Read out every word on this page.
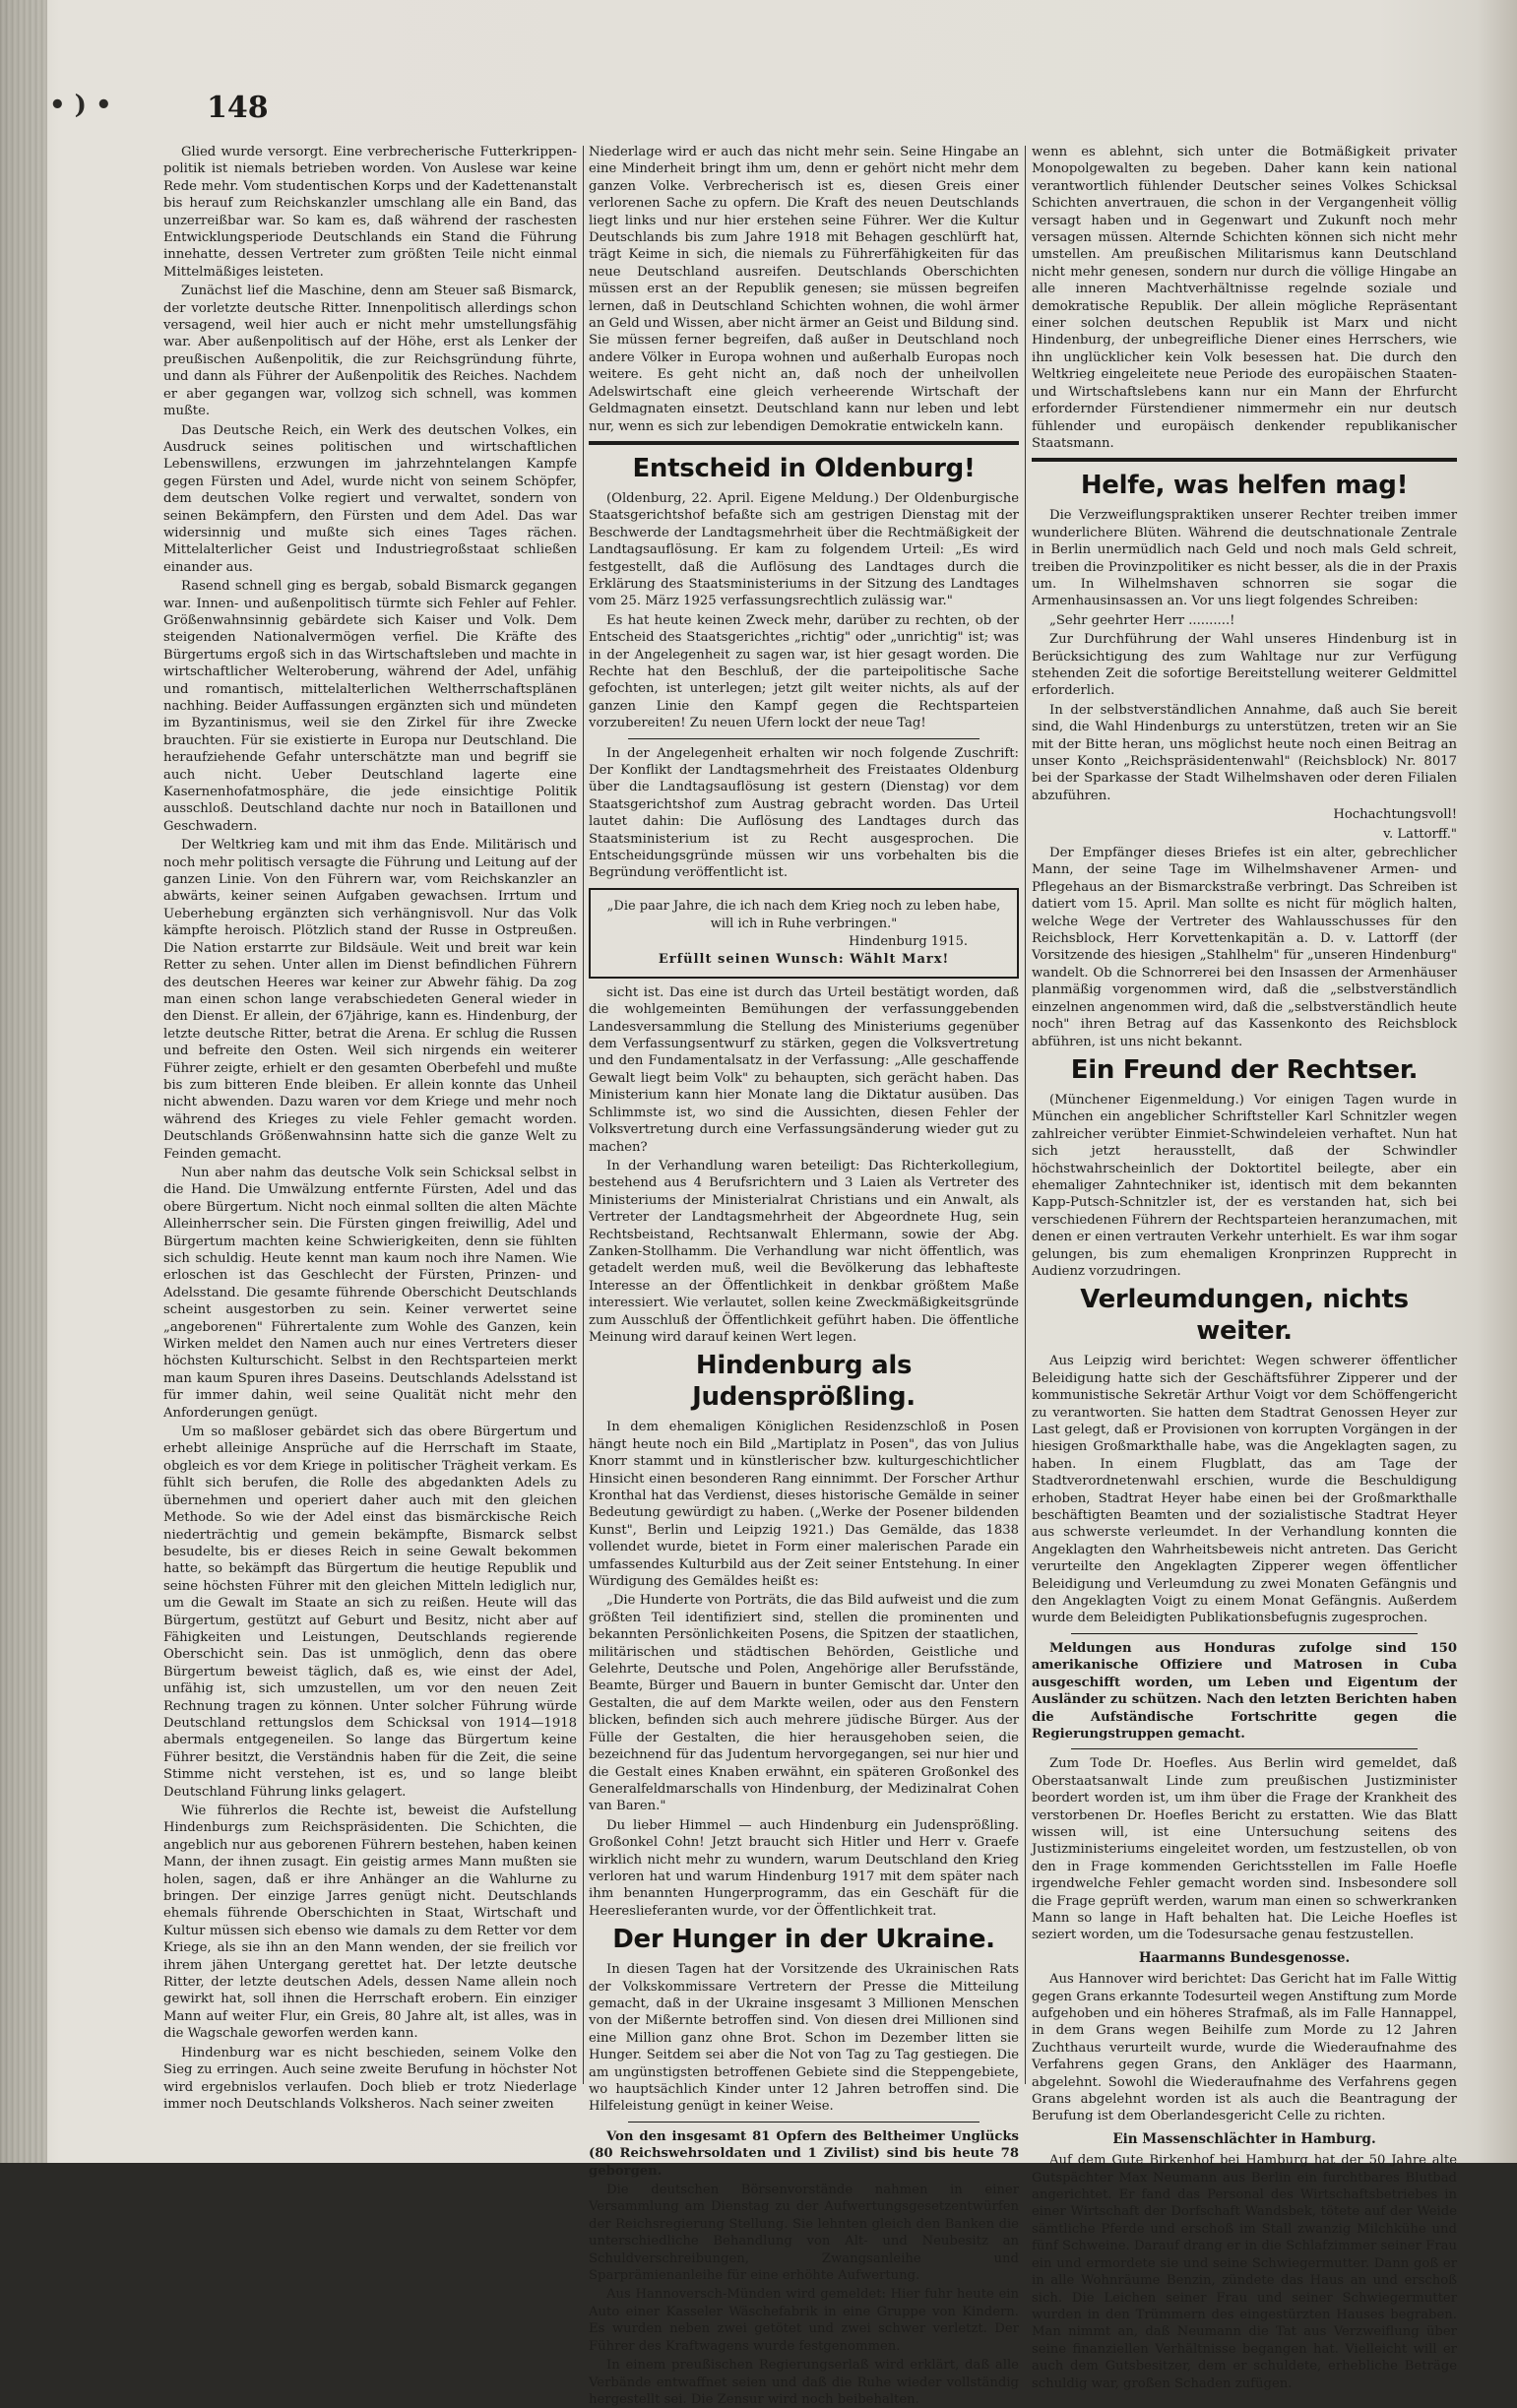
• ) •	148

Glied wurde versorgt. Eine verbrecherische Futterkrippen-politik ist niemals betrieben worden. Von Auslese war keine Rede mehr. Vom studentischen Korps und der Kadettenanstalt bis herauf zum Reichskanzler umschlang alle ein Band, das unzerreißbar war. So kam es, daß während der raschesten Entwicklungsperiode Deutschlands ein Stand die Führung innehatte, dessen Vertreter zum größten Teile nicht einmal Mittelmäßiges leisteten.

Zunächst lief die Maschine, denn am Steuer saß Bismarck, der vorletzte deutsche Ritter. Innenpolitisch allerdings schon versagend, weil hier auch er nicht mehr umstellungsfähig war. Aber außenpolitisch auf der Höhe, erst als Lenker der preußischen Außenpolitik, die zur Reichsgründung führte, und dann als Führer der Außenpolitik des Reiches. Nachdem er aber gegangen war, vollzog sich schnell, was kommen mußte.

Das Deutsche Reich, ein Werk des deutschen Volkes, ein Ausdruck seines politischen und wirtschaftlichen Lebenswillens, erzwungen im jahrzehntelangen Kampfe gegen Fürsten und Adel, wurde nicht von seinem Schöpfer, dem deutschen Volke regiert und verwaltet, sondern von seinen Bekämpfern, den Fürsten und dem Adel. Das war widersinnig und mußte sich eines Tages rächen. Mittelalterlicher Geist und Industriegroßstaat schließen einander aus.

Rasend schnell ging es bergab, sobald Bismarck gegangen war. Innen- und außenpolitisch türmte sich Fehler auf Fehler. Größenwahnsinnig gebärdete sich Kaiser und Volk. Dem steigenden Nationalvermögen verfiel. Die Kräfte des Bürgertums ergoß sich in das Wirtschaftsleben und machte in wirtschaftlicher Welteroberung, während der Adel, unfähig und romantisch, mittelalterlichen Weltherrschaftsplänen nachhing. Beider Auffassungen ergänzten sich und mündeten im Byzantinismus, weil sie den Zirkel für ihre Zwecke brauchten. Für sie existierte in Europa nur Deutschland. Die heraufziehende Gefahr unterschätzte man und begriff sie auch nicht. Ueber Deutschland lagerte eine Kasernenhofatmosphäre, die jede einsichtige Politik ausschloß. Deutschland dachte nur noch in Bataillonen und Geschwadern.

Der Weltkrieg kam und mit ihm das Ende. Militärisch und noch mehr politisch versagte die Führung und Leitung auf der ganzen Linie. Von den Führern war, vom Reichskanzler an abwärts, keiner seinen Aufgaben gewachsen. Irrtum und Ueberhebung ergänzten sich verhängnisvoll. Nur das Volk kämpfte heroisch. Plötzlich stand der Russe in Ostpreußen. Die Nation erstarrte zur Bildsäule. Weit und breit war kein Retter zu sehen. Unter allen im Dienst befindlichen Führern des deutschen Heeres war keiner zur Abwehr fähig. Da zog man einen schon lange verabschiedeten General wieder in den Dienst. Er allein, der 67jährige, kann es. Hindenburg, der letzte deutsche Ritter, betrat die Arena. Er schlug die Russen und befreite den Osten. Weil sich nirgends ein weiterer Führer zeigte, erhielt er den gesamten Oberbefehl und mußte bis zum bitteren Ende bleiben. Er allein konnte das Unheil nicht abwenden. Dazu waren vor dem Kriege und mehr noch während des Krieges zu viele Fehler gemacht worden. Deutschlands Größenwahnsinn hatte sich die ganze Welt zu Feinden gemacht.

Nun aber nahm das deutsche Volk sein Schicksal selbst in die Hand. Die Umwälzung entfernte Fürsten, Adel und das obere Bürgertum. Nicht noch einmal sollten die alten Mächte Alleinherrscher sein. Die Fürsten gingen freiwillig, Adel und Bürgertum machten keine Schwierigkeiten, denn sie fühlten sich schuldig. Heute kennt man kaum noch ihre Namen. Wie erloschen ist das Geschlecht der Fürsten, Prinzen- und Adelsstand. Die gesamte führende Oberschicht Deutschlands scheint ausgestorben zu sein. Keiner verwertet seine „angeborenen" Führertalente zum Wohle des Ganzen, kein Wirken meldet den Namen auch nur eines Vertreters dieser höchsten Kulturschicht. Selbst in den Rechtsparteien merkt man kaum Spuren ihres Daseins. Deutschlands Adelsstand ist für immer dahin, weil seine Qualität nicht mehr den Anforderungen genügt.

Um so maßloser gebärdet sich das obere Bürgertum und erhebt alleinige Ansprüche auf die Herrschaft im Staate, obgleich es vor dem Kriege in politischer Trägheit verkam. Es fühlt sich berufen, die Rolle des abgedankten Adels zu übernehmen und operiert daher auch mit den gleichen Methode. So wie der Adel einst das bismärckische Reich niederträchtig und gemein bekämpfte, Bismarck selbst besudelte, bis er dieses Reich in seine Gewalt bekommen hatte, so bekämpft das Bürgertum die heutige Republik und seine höchsten Führer mit den gleichen Mitteln lediglich nur, um die Gewalt im Staate an sich zu reißen. Heute will das Bürgertum, gestützt auf Geburt und Besitz, nicht aber auf Fähigkeiten und Leistungen, Deutschlands regierende Oberschicht sein. Das ist unmöglich, denn das obere Bürgertum beweist täglich, daß es, wie einst der Adel, unfähig ist, sich umzustellen, um vor den neuen Zeit Rechnung tragen zu können. Unter solcher Führung würde Deutschland rettungslos dem Schicksal von 1914—1918 abermals entgegeneilen. So lange das Bürgertum keine Führer besitzt, die Verständnis haben für die Zeit, die seine Stimme nicht verstehen, ist es, und so lange bleibt Deutschland Führung links gelagert.

Wie führerlos die Rechte ist, beweist die Aufstellung Hindenburgs zum Reichspräsidenten. Die Schichten, die angeblich nur aus geborenen Führern bestehen, haben keinen Mann, der ihnen zusagt. Ein geistig armes Mann mußten sie holen, sagen, daß er ihre Anhänger an die Wahlurne zu bringen. Der einzige Jarres genügt nicht. Deutschlands ehemals führende Oberschichten in Staat, Wirtschaft und Kultur müssen sich ebenso wie damals zu dem Retter vor dem Kriege, als sie ihn an den Mann wenden, der sie freilich vor ihrem jähen Untergang gerettet hat. Der letzte deutsche Ritter, der letzte deutschen Adels, dessen Name allein noch gewirkt hat, soll ihnen die Herrschaft erobern. Ein einziger Mann auf weiter Flur, ein Greis, 80 Jahre alt, ist alles, was in die Wagschale geworfen werden kann.

Hindenburg war es nicht beschieden, seinem Volke den Sieg zu erringen. Auch seine zweite Berufung in höchster Not wird ergebnislos verlaufen. Doch blieb er trotz Niederlage immer noch Deutschlands Volksheros. Nach seiner zweiten

Niederlage wird er auch das nicht mehr sein. Seine Hingabe an eine Minderheit bringt ihm um, denn er gehört nicht mehr dem ganzen Volke. Verbrecherisch ist es, diesen Greis einer verlorenen Sache zu opfern. Die Kraft des neuen Deutschlands liegt links und nur hier erstehen seine Führer. Wer die Kultur Deutschlands bis zum Jahre 1918 mit Behagen geschlürft hat, trägt Keime in sich, die niemals zu Führerfähigkeiten für das neue Deutschland ausreifen. Deutschlands Oberschichten müssen erst an der Republik genesen; sie müssen begreifen lernen, daß in Deutschland Schichten wohnen, die wohl ärmer an Geld und Wissen, aber nicht ärmer an Geist und Bildung sind. Sie müssen ferner begreifen, daß außer in Deutschland noch andere Völker in Europa wohnen und außerhalb Europas noch weitere. Es geht nicht an, daß noch der unheilvollen Adelswirtschaft eine gleich verheerende Wirtschaft der Geldmagnaten einsetzt. Deutschland kann nur leben und lebt nur, wenn es sich zur lebendigen Demokratie entwickeln kann.

Entscheid in Oldenburg!

(Oldenburg, 22. April. Eigene Meldung.) Der Oldenburgische Staatsgerichtshof befaßte sich am gestrigen Dienstag mit der Beschwerde der Landtagsmehrheit über die Rechtmäßigkeit der Landtagsauflösung. Er kam zu folgendem Urteil: „Es wird festgestellt, daß die Auflösung des Landtages durch die Erklärung des Staatsministeriums in der Sitzung des Landtages vom 25. März 1925 verfassungsrechtlich zulässig war."

Es hat heute keinen Zweck mehr, darüber zu rechten, ob der Entscheid des Staatsgerichtes „richtig" oder „unrichtig" ist; was in der Angelegenheit zu sagen war, ist hier gesagt worden. Die Rechte hat den Beschluß, der die parteipolitische Sache gefochten, ist unterlegen; jetzt gilt weiter nichts, als auf der ganzen Linie den Kampf gegen die Rechtsparteien vorzubereiten! Zu neuen Ufern lockt der neue Tag!

In der Angelegenheit erhalten wir noch folgende Zuschrift: Der Konflikt der Landtagsmehrheit des Freistaates Oldenburg über die Landtagsauflösung ist gestern (Dienstag) vor dem Staatsgerichtshof zum Austrag gebracht worden. Das Urteil lautet dahin: Die Auflösung des Landtages durch das Staatsministerium ist zu Recht ausgesprochen. Die Entscheidungsgründe müssen wir uns vorbehalten bis die Begründung veröffentlicht ist.

„Die paar Jahre, die ich nach dem Krieg noch zu leben habe, will ich in Ruhe verbringen."
Hindenburg 1915.
Erfüllt seinen Wunsch: Wählt Marx!

sicht ist. Das eine ist durch das Urteil bestätigt worden, daß die wohlgemeinten Bemühungen der verfassunggebenden Landesversammlung die Stellung des Ministeriums gegenüber dem Verfassungsentwurf zu stärken, gegen die Volksvertretung und den Fundamentalsatz in der Verfassung: „Alle geschaffende Gewalt liegt beim Volk" zu behaupten, sich gerächt haben. Das Ministerium kann hier Monate lang die Diktatur ausüben. Das Schlimmste ist, wo sind die Aussichten, diesen Fehler der Volksvertretung durch eine Verfassungsänderung wieder gut zu machen?

In der Verhandlung waren beteiligt: Das Richterkollegium, bestehend aus 4 Berufsrichtern und 3 Laien als Vertreter des Ministeriums der Ministerialrat Christians und ein Anwalt, als Vertreter der Landtagsmehrheit der Abgeordnete Hug, sein Rechtsbeistand, Rechtsanwalt Ehlermann, sowie der Abg. Zanken-Stollhamm. Die Verhandlung war nicht öffentlich, was getadelt werden muß, weil die Bevölkerung das lebhafteste Interesse an der Öffentlichkeit in denkbar größtem Maße interessiert. Wie verlautet, sollen keine Zweckmäßigkeitsgründe zum Ausschluß der Öffentlichkeit geführt haben. Die öffentliche Meinung wird darauf keinen Wert legen.

Hindenburg als Judensprößling.

In dem ehemaligen Königlichen Residenzschloß in Posen hängt heute noch ein Bild „Martiplatz in Posen", das von Julius Knorr stammt und in künstlerischer bzw. kulturgeschichtlicher Hinsicht einen besonderen Rang einnimmt. Der Forscher Arthur Kronthal hat das Verdienst, dieses historische Gemälde in seiner Bedeutung gewürdigt zu haben. („Werke der Posener bildenden Kunst", Berlin und Leipzig 1921.) Das Gemälde, das 1838 vollendet wurde, bietet in Form einer malerischen Parade ein umfassendes Kulturbild aus der Zeit seiner Entstehung. In einer Würdigung des Gemäldes heißt es:

„Die Hunderte von Porträts, die das Bild aufweist und die zum größten Teil identifiziert sind, stellen die prominenten und bekannten Persönlichkeiten Posens, die Spitzen der staatlichen, militärischen und städtischen Behörden, Geistliche und Gelehrte, Deutsche und Polen, Angehörige aller Berufsstände, Beamte, Bürger und Bauern in bunter Gemischt dar. Unter den Gestalten, die auf dem Markte weilen, oder aus den Fenstern blicken, befinden sich auch mehrere jüdische Bürger. Aus der Fülle der Gestalten, die hier herausgehoben seien, die bezeichnend für das Judentum hervorgegangen, sei nur hier und die Gestalt eines Knaben erwähnt, ein späteren Großonkel des Generalfeldmarschalls von Hindenburg, der Medizinalrat Cohen van Baren."

Du lieber Himmel — auch Hindenburg ein Judensprößling. Großonkel Cohn! Jetzt braucht sich Hitler und Herr v. Graefe wirklich nicht mehr zu wundern, warum Deutschland den Krieg verloren hat und warum Hindenburg 1917 mit dem später nach ihm benannten Hungerprogramm, das ein Geschäft für die Heereslieferanten wurde, vor der Öffentlichkeit trat.

Der Hunger in der Ukraine.

In diesen Tagen hat der Vorsitzende des Ukrainischen Rats der Volkskommissare Vertretern der Presse die Mitteilung gemacht, daß in der Ukraine insgesamt 3 Millionen Menschen von der Mißernte betroffen sind. Von diesen drei Millionen sind eine Million ganz ohne Brot. Schon im Dezember litten sie Hunger. Seitdem sei aber die Not von Tag zu Tag gestiegen. Die am ungünstigsten betroffenen Gebiete sind die Steppengebiete, wo hauptsächlich Kinder unter 12 Jahren betroffen sind. Die Hilfeleistung genügt in keiner Weise.

Von den insgesamt 81 Opfern des Beltheimer Unglücks (80 Reichswehrsoldaten und 1 Zivilist) sind bis heute 78 geborgen.

Die deutschen Börsenvorstände nahmen in einer Versammlung am Dienstag zu der Aufwertungsgesetzentwürfen der Reichsregierung Stellung. Sie lehnten gleich den Banken die unterschiedliche Behandlung von Alt- und Neubesitz an Schuldverschreibungen, Zwangsanleihe und Sparprämienanleihe für eine erhöhte Aufwertung.

Aus Hannoversch-Münden wird gemeldet: Hier fuhr heute ein Auto einer Kasseler Wäschefabrik in eine Gruppe von Kindern. Es wurden neben zwei getötet und zwei schwer verletzt. Der Führer des Kraftwagens wurde festgenommen.

In einem preußischen Regierungserlaß wird erklärt, daß alle Verbände entwaffnet seien und daß die Ruhe wieder vollständig hergestellt sei. Die Zensur wird noch beibehalten.

wenn es ablehnt, sich unter die Botmäßigkeit privater Monopolgewalten zu begeben. Daher kann kein national verantwortlich fühlender Deutscher seines Volkes Schicksal Schichten anvertrauen, die schon in der Vergangenheit völlig versagt haben und in Gegenwart und Zukunft noch mehr versagen müssen. Alternde Schichten können sich nicht mehr umstellen. Am preußischen Militarismus kann Deutschland nicht mehr genesen, sondern nur durch die völlige Hingabe an alle inneren Machtverhältnisse regelnde soziale und demokratische Republik. Der allein mögliche Repräsentant einer solchen deutschen Republik ist Marx und nicht Hindenburg, der unbegreifliche Diener eines Herrschers, wie ihn unglücklicher kein Volk besessen hat. Die durch den Weltkrieg eingeleitete neue Periode des europäischen Staaten- und Wirtschaftslebens kann nur ein Mann der Ehrfurcht erfordernder Fürstendiener nimmermehr ein nur deutsch fühlender und europäisch denkender republikanischer Staatsmann.

Helfe, was helfen mag!

Die Verzweiflungspraktiken unserer Rechter treiben immer wunderlichere Blüten. Während die deutschnationale Zentrale in Berlin unermüdlich nach Geld und noch mals Geld schreit, treiben die Provinzpolitiker es nicht besser, als die in der Praxis um. In Wilhelmshaven schnorren sie sogar die Armenhausinsassen an. Vor uns liegt folgendes Schreiben:

„Sehr geehrter Herr ..........!

Zur Durchführung der Wahl unseres Hindenburg ist in Berücksichtigung des zum Wahltage nur zur Verfügung stehenden Zeit die sofortige Bereitstellung weiterer Geldmittel erforderlich.

In der selbstverständlichen Annahme, daß auch Sie bereit sind, die Wahl Hindenburgs zu unterstützen, treten wir an Sie mit der Bitte heran, uns möglichst heute noch einen Beitrag an unser Konto „Reichspräsidentenwahl" (Reichsblock) Nr. 8017 bei der Sparkasse der Stadt Wilhelmshaven oder deren Filialen abzuführen.

Hochachtungsvoll!

v. Lattorff."

Der Empfänger dieses Briefes ist ein alter, gebrechlicher Mann, der seine Tage im Wilhelmshavener Armen- und Pflegehaus an der Bismarckstraße verbringt. Das Schreiben ist datiert vom 15. April. Man sollte es nicht für möglich halten, welche Wege der Vertreter des Wahlausschusses für den Reichsblock, Herr Korvettenkapitän a. D. v. Lattorff (der Vorsitzende des hiesigen „Stahlhelm" für „unseren Hindenburg" wandelt. Ob die Schnorrerei bei den Insassen der Armenhäuser planmäßig vorgenommen wird, daß die „selbstverständlich einzelnen angenommen wird, daß die „selbstverständlich heute noch" ihren Betrag auf das Kassenkonto des Reichsblock abführen, ist uns nicht bekannt.

Ein Freund der Rechtser.

(Münchener Eigenmeldung.) Vor einigen Tagen wurde in München ein angeblicher Schriftsteller Karl Schnitzler wegen zahlreicher verübter Einmiet-Schwindeleien verhaftet. Nun hat sich jetzt herausstellt, daß der Schwindler höchstwahrscheinlich der Doktortitel beilegte, aber ein ehemaliger Zahntechniker ist, identisch mit dem bekannten Kapp-Putsch-Schnitzler ist, der es verstanden hat, sich bei verschiedenen Führern der Rechtsparteien heranzumachen, mit denen er einen vertrauten Verkehr unterhielt. Es war ihm sogar gelungen, bis zum ehemaligen Kronprinzen Rupprecht in Audienz vorzudringen.

Verleumdungen, nichts weiter.

Aus Leipzig wird berichtet: Wegen schwerer öffentlicher Beleidigung hatte sich der Geschäftsführer Zipperer und der kommunistische Sekretär Arthur Voigt vor dem Schöffengericht zu verantworten. Sie hatten dem Stadtrat Genossen Heyer zur Last gelegt, daß er Provisionen von korrupten Vorgängen in der hiesigen Großmarkthalle habe, was die Angeklagten sagen, zu haben. In einem Flugblatt, das am Tage der Stadtverordnetenwahl erschien, wurde die Beschuldigung erhoben, Stadtrat Heyer habe einen bei der Großmarkthalle beschäftigten Beamten und der sozialistische Stadtrat Heyer aus schwerste verleumdet. In der Verhandlung konnten die Angeklagten den Wahrheitsbeweis nicht antreten. Das Gericht verurteilte den Angeklagten Zipperer wegen öffentlicher Beleidigung und Verleumdung zu zwei Monaten Gefängnis und den Angeklagten Voigt zu einem Monat Gefängnis. Außerdem wurde dem Beleidigten Publikationsbefugnis zugesprochen.

Meldungen aus Honduras zufolge sind 150 amerikanische Offiziere und Matrosen in Cuba ausgeschifft worden, um Leben und Eigentum der Ausländer zu schützen. Nach den letzten Berichten haben die Aufständische Fortschritte gegen die Regierungstruppen gemacht.

Zum Tode Dr. Hoefles. Aus Berlin wird gemeldet, daß Oberstaatsanwalt Linde zum preußischen Justizminister beordert worden ist, um ihm über die Frage der Krankheit des verstorbenen Dr. Hoefles Bericht zu erstatten. Wie das Blatt wissen will, ist eine Untersuchung seitens des Justizministeriums eingeleitet worden, um festzustellen, ob von den in Frage kommenden Gerichtsstellen im Falle Hoefle irgendwelche Fehler gemacht worden sind. Insbesondere soll die Frage geprüft werden, warum man einen so schwerkranken Mann so lange in Haft behalten hat. Die Leiche Hoefles ist seziert worden, um die Todesursache genau festzustellen.

Haarmanns Bundesgenosse.

Aus Hannover wird berichtet: Das Gericht hat im Falle Wittig gegen Grans erkannte Todesurteil wegen Anstiftung zum Morde aufgehoben und ein höheres Strafmaß, als im Falle Hannappel, in dem Grans wegen Beihilfe zum Morde zu 12 Jahren Zuchthaus verurteilt wurde, wurde die Wiederaufnahme des Verfahrens gegen Grans, den Ankläger des Haarmann, abgelehnt. Sowohl die Wiederaufnahme des Verfahrens gegen Grans abgelehnt worden ist als auch die Beantragung der Berufung ist dem Oberlandesgericht Celle zu richten.

Ein Massenschlächter in Hamburg.

Auf dem Gute Birkenhof bei Hamburg hat der 50 Jahre alte Gutspächter Max Neumann aus Berlin ein furchtbares Blutbad angerichtet. Er fand das Personal des Wirtschaftsbetriebes in einer Wirtschaft der Dorfschaft Wandsbek, tötete auf der Weide sämtliche Pferde und erschoß im Stall zwanzig Milchkühe und fünf Schweine. Darauf drang er in die Schlafzimmer seiner Frau ein und ermordete sie und seine Schwiegermutter. Dann goß er in alle Wohnräume Benzin, zündete das Haus an und erschoß sich. Die Leichen seiner Frau und seiner Schwiegermutter wurden in den Trümmern des eingestürzten Hauses begraben. Man nimmt an, daß Neumann die Tat aus Verzweiflung über seine finanziellen Verhältnisse begangen hat. Vielleicht will er auch dem Gutsbesitzer, dem er schuldete, erhebliche Beträge schuldig war, großen Schaden zufügen.
